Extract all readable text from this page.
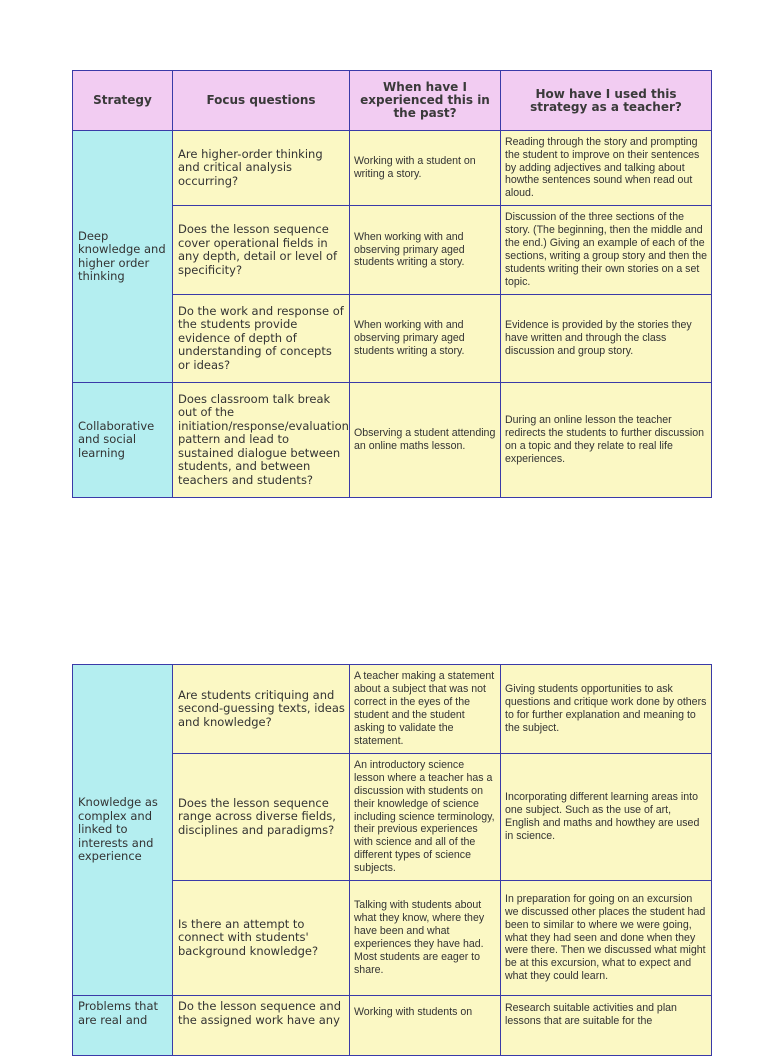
Strategy	Focus questions	When have I experienced this in the past?	How have I used this strategy as a teacher?
Deep knowledge and higher order thinking	Are higher-order thinking and critical analysis occurring?	Working with a student on writing a story.	Reading through the story and prompting the student to improve on their sentences by adding adjectives and talking about howthe sentences sound when read out aloud.
	Does the lesson sequence cover operational fields in any depth, detail or level of specificity?	When working with and observing primary aged students writing a story.	Discussion of the three sections of the story. (The beginning, then the middle and the end.) Giving an example of each of the sections, writing a group story and then the students writing their own stories on a set topic.
	Do the work and response of the students provide evidence of depth of understanding of concepts or ideas?	When working with and observing primary aged students writing a story.	Evidence is provided by the stories they have written and through the class discussion and group story.
Collaborative and social learning	Does classroom talk break out of the initiation/response/evaluation pattern and lead to sustained dialogue between students, and between teachers and students?	Observing a student attending an online maths lesson.	During an online lesson the teacher redirects the students to further discussion on a topic and they relate to real life experiences.
Knowledge as complex and linked to interests and experience	Are students critiquing and second-guessing texts, ideas and knowledge?	A teacher making a statement about a subject that was not correct in the eyes of the student and the student asking to validate the statement.	Giving students opportunities to ask questions and critique work done by others to for further explanation and meaning to the subject.
	Does the lesson sequence range across diverse fields, disciplines and paradigms?	An introductory science lesson where a teacher has a discussion with students on their knowledge of science including science terminology, their previous experiences with science and all of the different types of science subjects.	Incorporating different learning areas into one subject. Such as the use of art, English and maths and howthey are used in science.
	Is there an attempt to connect with students' background knowledge?	Talking with students about what they know, where they have been and what experiences they have had. Most students are eager to share.	In preparation for going on an excursion we discussed other places the student had been to similar to where we were going, what they had seen and done when they were there. Then we discussed what might be at this excursion, what to expect and what they could learn.
Problems that are real and	Do the lesson sequence and the assigned work have any	Working with students on	Research suitable activities and plan lessons that are suitable for the
